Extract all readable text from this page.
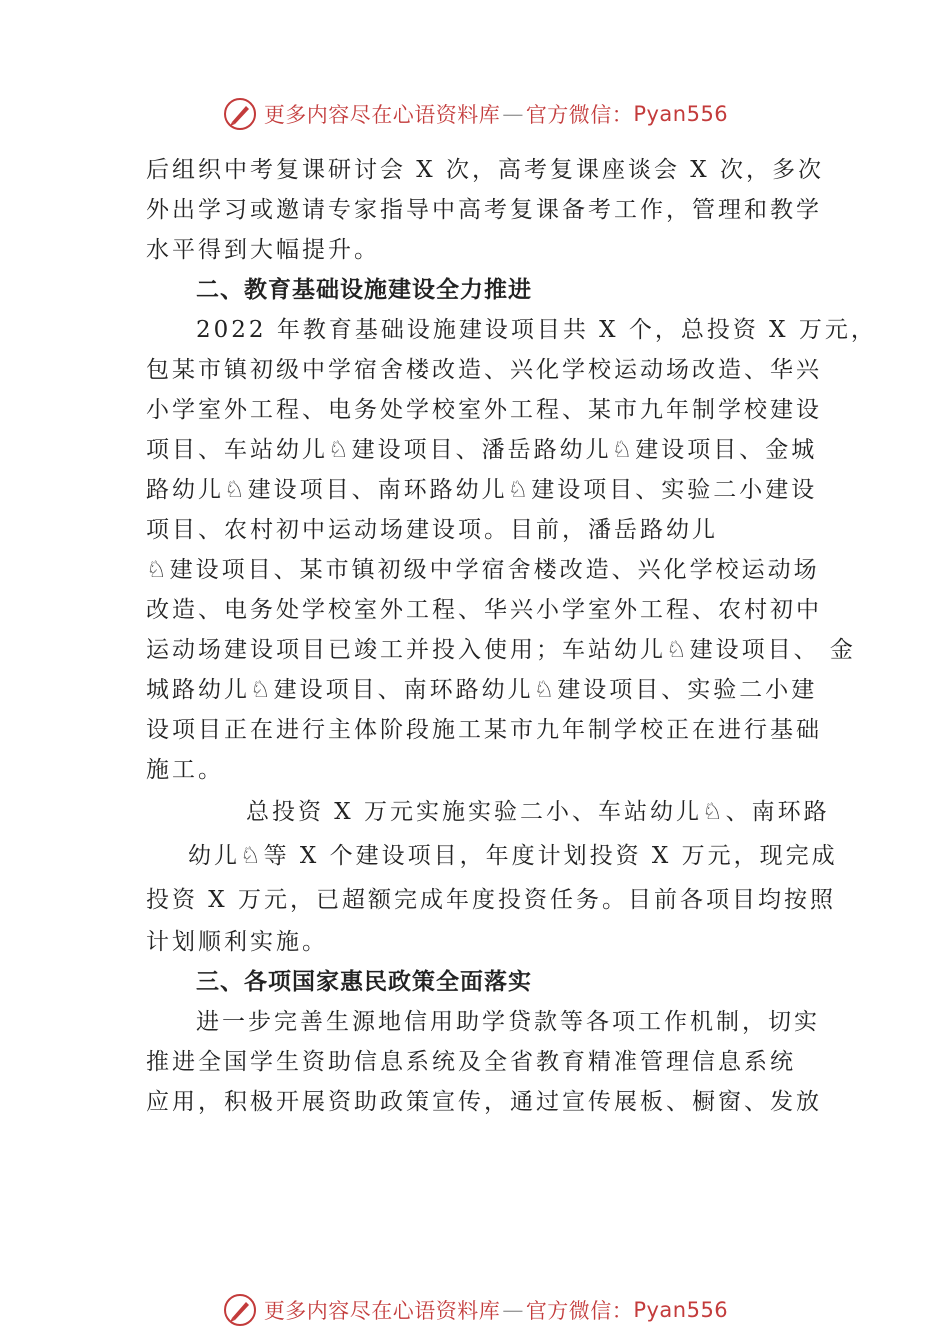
更多内容尽在心语资料库 — 官方微信： Pyan556
后组织中考复课研讨会 X 次，高考复课座谈会 X 次，多次
外出学习或邀请专家指导中高考复课备考工作，管理和教学
水平得到大幅提升。
二、教育基础设施建设全力推进
2022 年教育基础设施建设项目共 X 个，总投资 X 万元，
包某市镇初级中学宿舍楼改造、兴化学校运动场改造、华兴
小学室外工程、电务处学校室外工程、某市九年制学校建设
项目、车站幼儿♘建设项目、潘岳路幼儿♘建设项目、金城
路幼儿♘建设项目、南环路幼儿♘建设项目、实验二小建设
项目、农村初中运动场建设项。目前，潘岳路幼儿
♘建设项目、某市镇初级中学宿舍楼改造、兴化学校运动场
改造、电务处学校室外工程、华兴小学室外工程、农村初中
运动场建设项目已竣工并投入使用；车站幼儿♘建设项目、 金
城路幼儿♘建设项目、南环路幼儿♘建设项目、实验二小建
设项目正在进行主体阶段施工某市九年制学校正在进行基础
施工。
总投资 X 万元实施实验二小、车站幼儿♘、南环路
幼儿♘等 X 个建设项目，年度计划投资 X 万元，现完成
投资 X 万元，已超额完成年度投资任务。目前各项目均按照
计划顺利实施。
三、各项国家惠民政策全面落实
进一步完善生源地信用助学贷款等各项工作机制，切实
推进全国学生资助信息系统及全省教育精准管理信息系统
应用，积极开展资助政策宣传，通过宣传展板、橱窗、发放
更多内容尽在心语资料库 — 官方微信： Pyan556
